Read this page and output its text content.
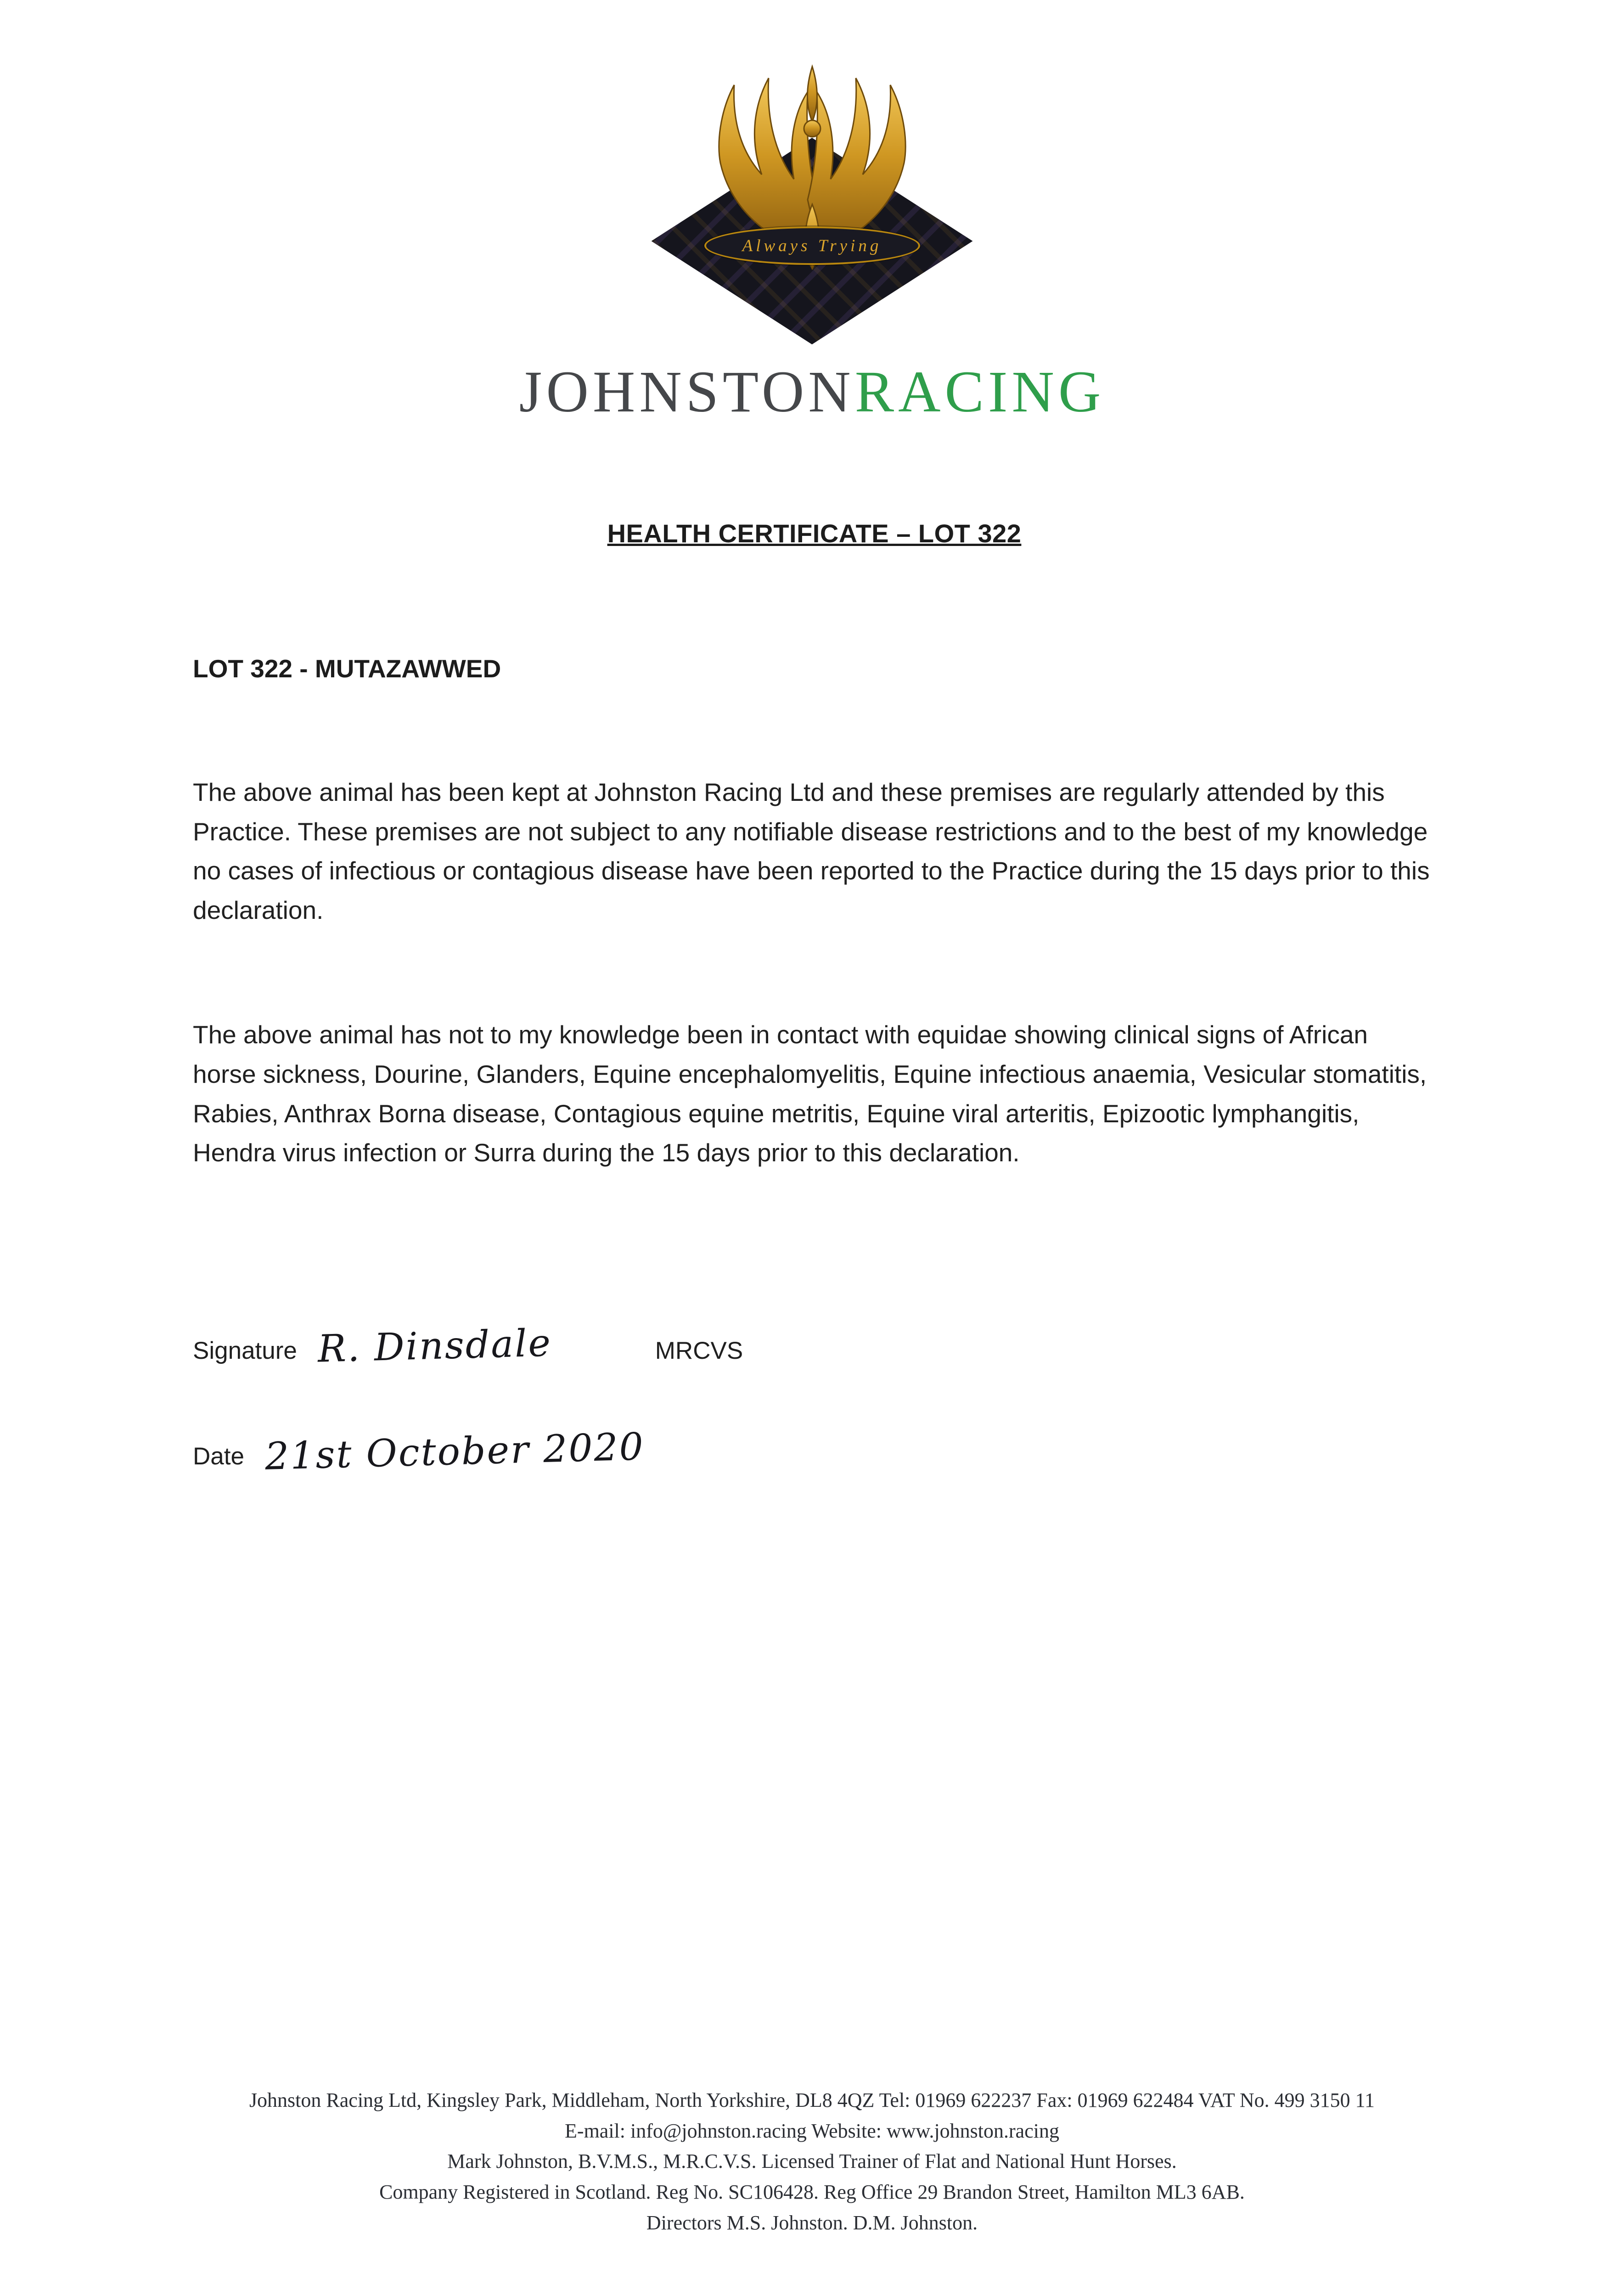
Always Trying
JOHNSTONRACING
HEALTH CERTIFICATE – LOT 322
LOT 322 - MUTAZAWWED

The above animal has been kept at Johnston Racing Ltd and these premises are regularly attended by this Practice. These premises are not subject to any notifiable disease restrictions and to the best of my knowledge no cases of infectious or contagious disease have been reported to the Practice during the 15 days prior to this declaration.

The above animal has not to my knowledge been in contact with equidae showing clinical signs of African horse sickness, Dourine, Glanders, Equine encephalomyelitis, Equine infectious anaemia, Vesicular stomatitis, Rabies, Anthrax Borna disease, Contagious equine metritis, Equine viral arteritis, Epizootic lymphangitis, Hendra virus infection or Surra during the 15 days prior to this declaration.

Signature R. Dinsdale	MRCVS
Date 21st October 2020
Johnston Racing Ltd, Kingsley Park, Middleham, North Yorkshire, DL8 4QZ Tel: 01969 622237 Fax: 01969 622484 VAT No. 499 3150 11
E-mail: info@johnston.racing Website: www.johnston.racing
Mark Johnston, B.V.M.S., M.R.C.V.S. Licensed Trainer of Flat and National Hunt Horses.
Company Registered in Scotland. Reg No. SC106428. Reg Office 29 Brandon Street, Hamilton ML3 6AB.
Directors M.S. Johnston. D.M. Johnston.
